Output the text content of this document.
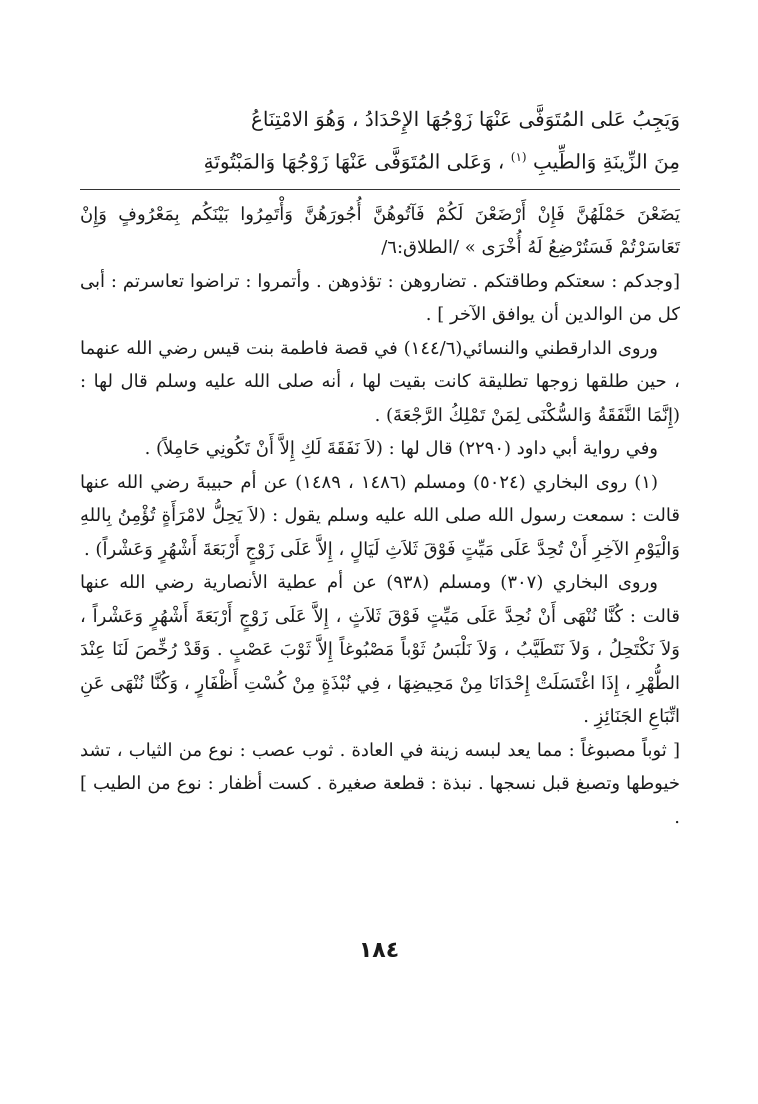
وَيَجِبُ عَلى المُتَوَفَّى عَنْهَا زَوْجُهَا الإِحْدَادُ ، وَهُوَ الامْتِنَاعُ

مِنَ الزِّينَةِ وَالطِّيبِ $^{(١)}$ ، وَعَلى المُتَوَفَّى عَنْهَا زَوْجُهَا وَالمَبْتُوتَةِ

يَضَعْنَ حَمْلَهُنَّ فَإِنْ أَرْضَعْنَ لَكُمْ فَآتُوهُنَّ أُجُورَهُنَّ وَأْتَمِرُوا بَيْنَكُم بِمَعْرُوفٍ وَإِنْ تَعَاسَرْتُمْ فَسَتُرْضِعُ لَهُ أُخْرَى » /الطلاق:٦/

[وجدكم : سعتكم وطاقتكم . تضاروهن : تؤذوهن . وأتمروا : تراضوا تعاسرتم : أبى كل من الوالدين أن يوافق الآخر ] .

وروى الدارقطني والنسائي(١٤٤/٦) في قصة فاطمة بنت قيس رضي الله عنهما ، حين طلقها زوجها تطليقة كانت بقيت لها ، أنه صلى الله عليه وسلم قال لها : (إِنَّمَا النَّفَقَةُ وَالسُّكْنَى لِمَنْ تَمْلِكُ الرَّجْعَةَ) .

وفي رواية أبي داود (٢٢٩٠) قال لها : (لاَ نَفَقَةَ لَكِ إِلاَّ أَنْ تَكُونِي حَامِلاً) .

(١) روى البخاري (٥٠٢٤) ومسلم (١٤٨٦ ، ١٤٨٩) عن أم حبيبةَ رضي الله عنها قالت : سمعت رسول الله صلى الله عليه وسلم يقول : (لاَ يَحِلُّ لامْرَأَةٍ تُؤْمِنُ بِاللهِ وَالْيَوْمِ الآخِرِ أَنْ تُحِدَّ عَلَى مَيِّتٍ فَوْقَ ثَلاَثِ لَيَالٍ ، إِلاَّ عَلَى زَوْجٍ أَرْبَعَةَ أَشْهُرٍ وَعَشْراً) .

وروى البخاري (٣٠٧) ومسلم (٩٣٨) عن أم عطية الأنصارية رضي الله عنها قالت : كُنَّا نُنْهَى أَنْ نُحِدَّ عَلَى مَيِّتٍ فَوْقَ ثَلاَثٍ ، إِلاَّ عَلَى زَوْجٍ أَرْبَعَةَ أَشْهُرٍ وَعَشْراً ، وَلاَ نَكْتَحِلُ ، وَلاَ نَتَطَيَّبُ ، وَلاَ نَلْبَسُ ثَوْباً مَصْبُوغاً إِلاَّ ثَوْبَ عَصْبٍ . وَقَدْ رُخِّصَ لَنَا عِنْدَ الطُّهْرِ ، إِذَا اغْتَسَلَتْ إِحْدَانَا مِنْ مَحِيضِهَا ، فِي نُبْذَةٍ مِنْ كُسْتِ أَظْفَارٍ ، وَكُنَّا نُنْهَى عَنِ اتِّبَاعِ الجَنَائِزِ .

[ ثوباً مصبوغاً : مما يعد لبسه زينة في العادة . ثوب عصب : نوع من الثياب ، تشد خيوطها وتصبغ قبل نسجها . نبذة : قطعة صغيرة . كست أظفار : نوع من الطيب ] .

١٨٤
